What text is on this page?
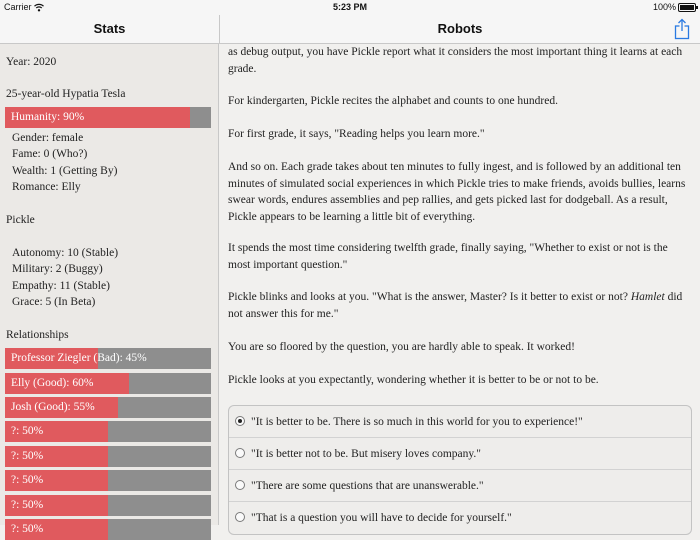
Carrier	5:23 PM	100%
Stats	Robots
Year: 2020
25-year-old Hypatia Tesla
Humanity: 90%
Gender: female
Fame: 0 (Who?)
Wealth: 1 (Getting By)
Romance: Elly
Pickle
Autonomy: 10 (Stable)
Military: 2 (Buggy)
Empathy: 11 (Stable)
Grace: 5 (In Beta)
Relationships
Professor Ziegler (Bad): 45%
Elly (Good): 60%
Josh (Good): 55%
?: 50%
?: 50%
?: 50%
?: 50%
?: 50%

as debug output, you have Pickle report what it considers the most important thing it learns at each grade.

For kindergarten, Pickle recites the alphabet and counts to one hundred.

For first grade, it says, "Reading helps you learn more."

And so on. Each grade takes about ten minutes to fully ingest, and is followed by an additional ten minutes of simulated social experiences in which Pickle tries to make friends, avoids bullies, learns swear words, endures assemblies and pep rallies, and gets picked last for dodgeball. As a result, Pickle appears to be learning a little bit of everything.

It spends the most time considering twelfth grade, finally saying, "Whether to exist or not is the most important question."

Pickle blinks and looks at you. "What is the answer, Master? Is it better to exist or not? Hamlet did not answer this for me."

You are so floored by the question, you are hardly able to speak. It worked!

Pickle looks at you expectantly, wondering whether it is better to be or not to be.

"It is better to be. There is so much in this world for you to experience!"
"It is better not to be. But misery loves company."
"There are some questions that are unanswerable."
"That is a question you will have to decide for yourself."
